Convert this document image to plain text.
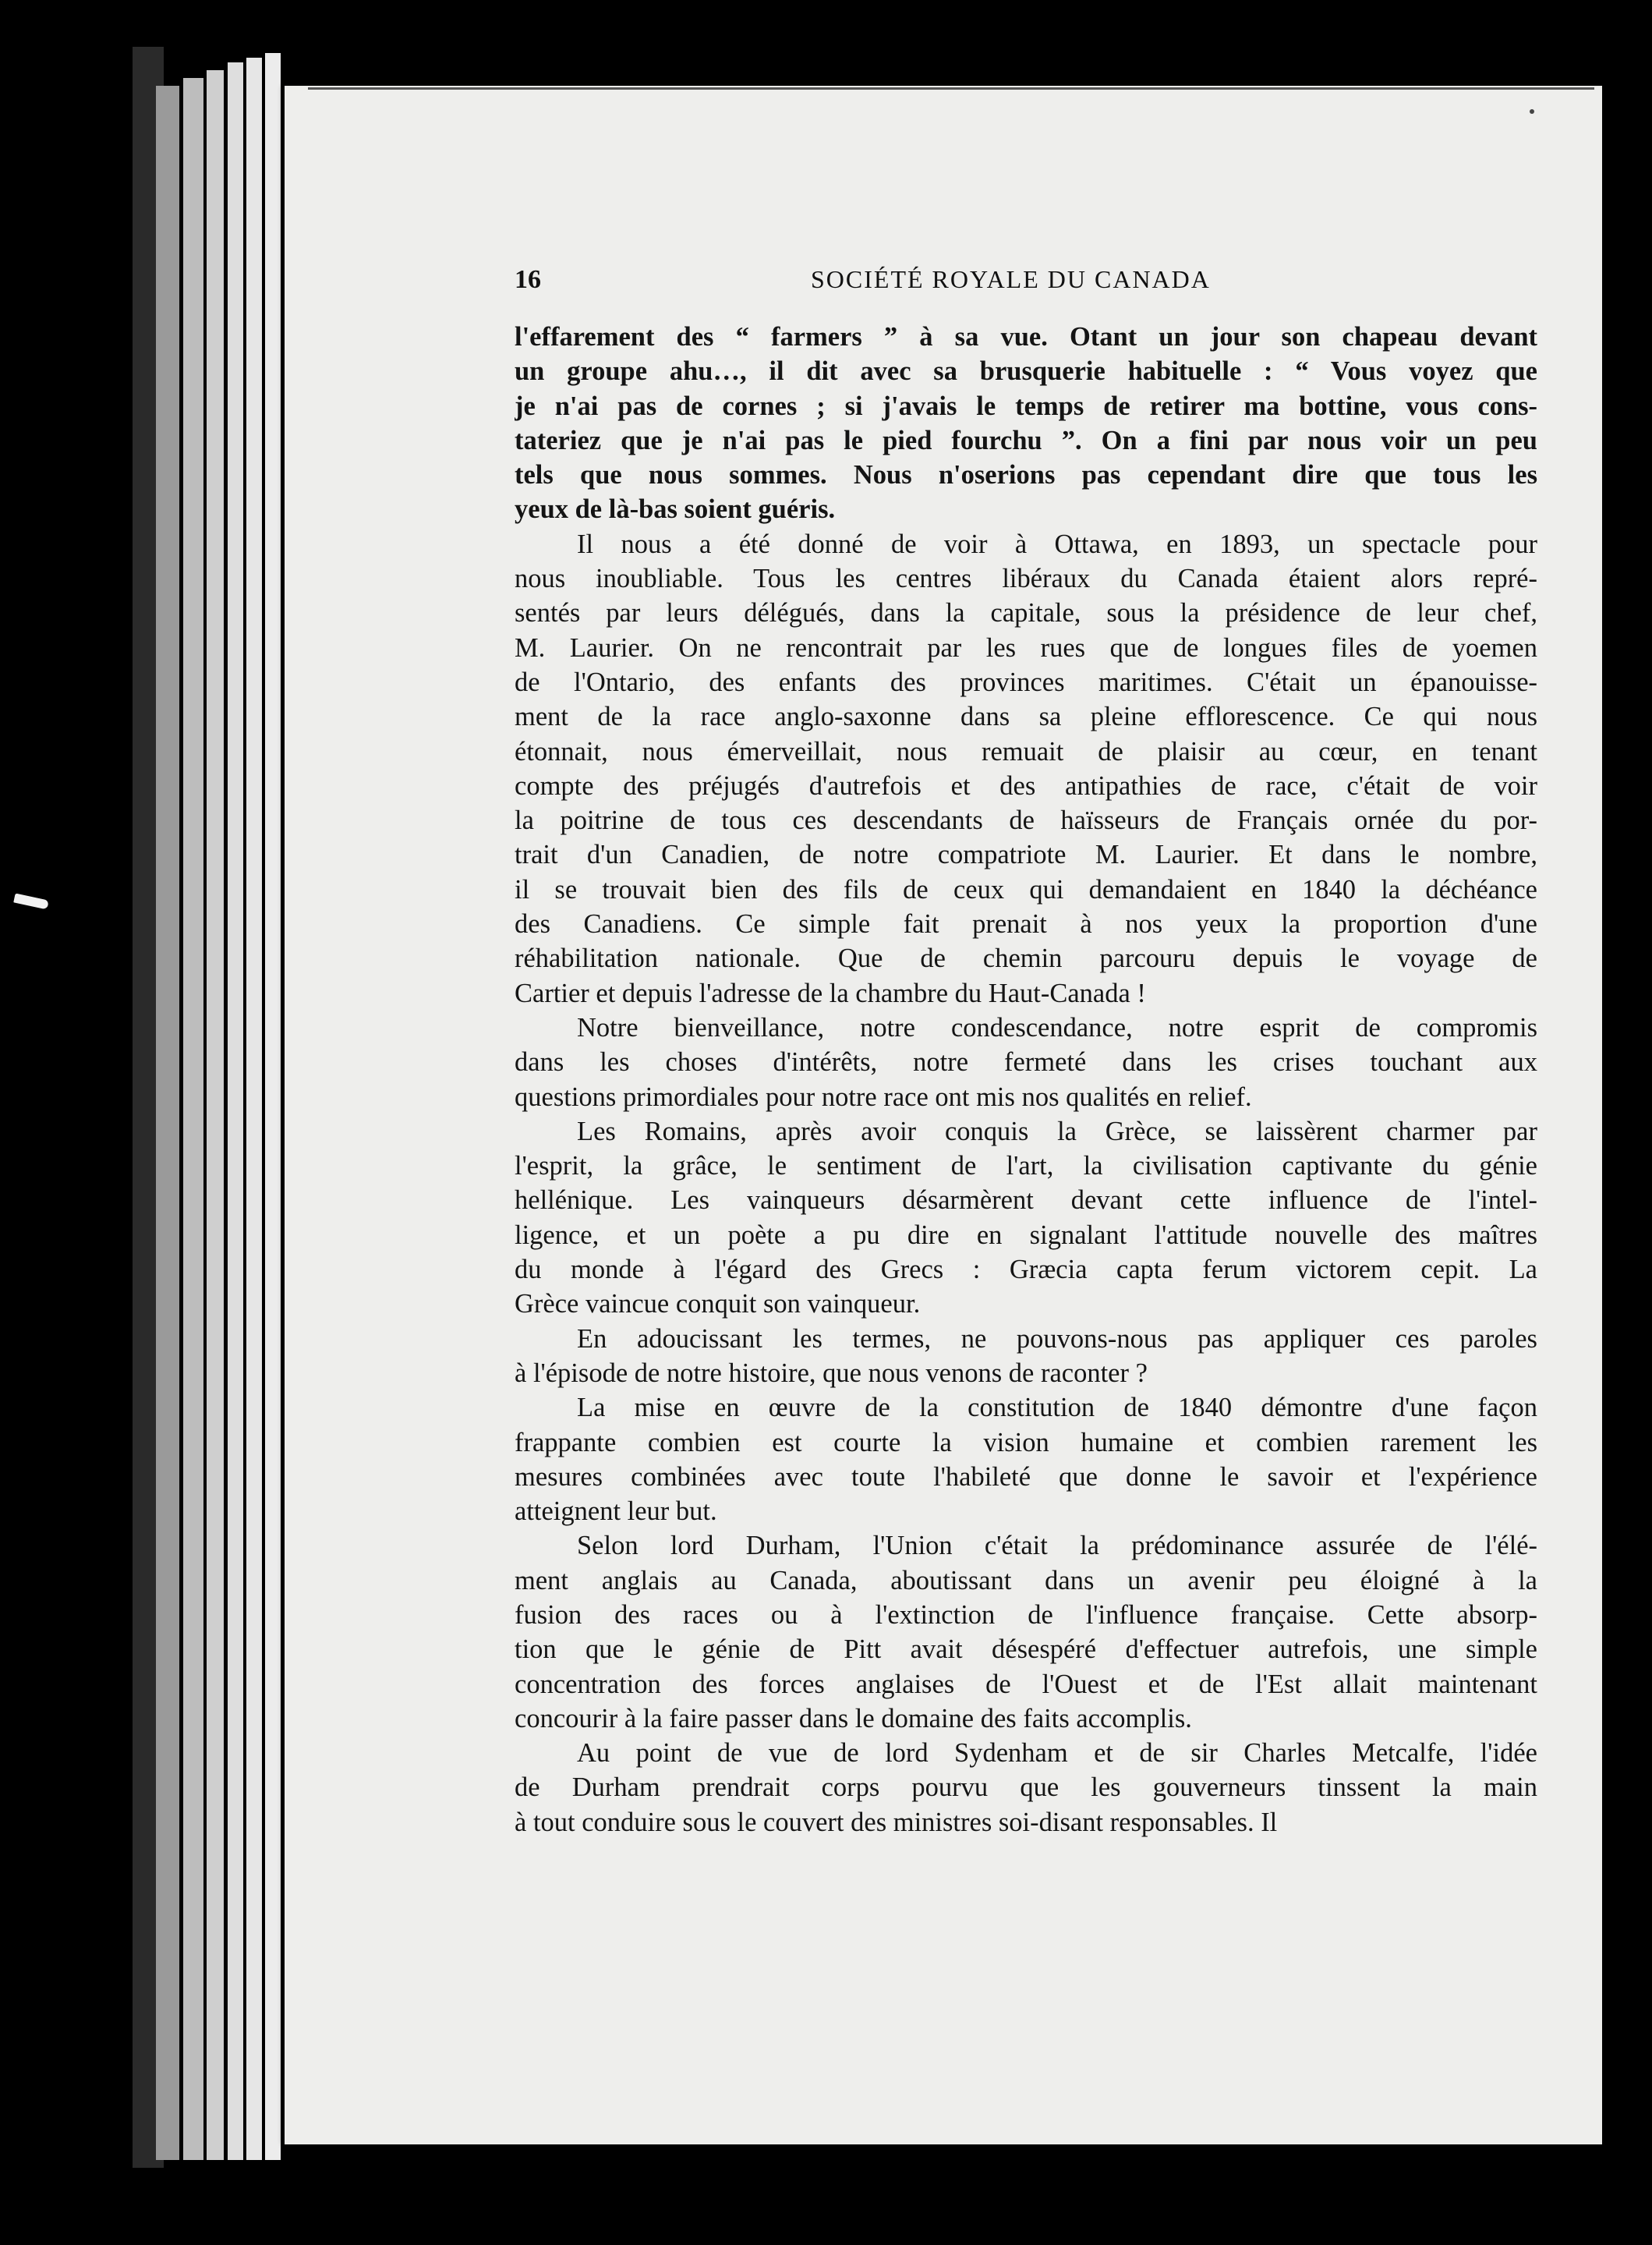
16	SOCIÉTÉ ROYALE DU CANADA
l'effarement des “ farmers ” à sa vue. Otant un jour son chapeau devant
un groupe ahu…, il dit avec sa brusquerie habituelle : “ Vous voyez que
je n'ai pas de cornes ; si j'avais le temps de retirer ma bottine, vous cons-
tateriez que je n'ai pas le pied fourchu ”. On a fini par nous voir un peu
tels que nous sommes. Nous n'oserions pas cependant dire que tous les
yeux de là-bas soient guéris.
Il nous a été donné de voir à Ottawa, en 1893, un spectacle pour
nous inoubliable. Tous les centres libéraux du Canada étaient alors repré-
sentés par leurs délégués, dans la capitale, sous la présidence de leur chef,
M. Laurier. On ne rencontrait par les rues que de longues files de yoemen
de l'Ontario, des enfants des provinces maritimes. C'était un épanouisse-
ment de la race anglo-saxonne dans sa pleine efflorescence. Ce qui nous
étonnait, nous émerveillait, nous remuait de plaisir au cœur, en tenant
compte des préjugés d'autrefois et des antipathies de race, c'était de voir
la poitrine de tous ces descendants de haïsseurs de Français ornée du por-
trait d'un Canadien, de notre compatriote M. Laurier. Et dans le nombre,
il se trouvait bien des fils de ceux qui demandaient en 1840 la déchéance
des Canadiens. Ce simple fait prenait à nos yeux la proportion d'une
réhabilitation nationale. Que de chemin parcouru depuis le voyage de
Cartier et depuis l'adresse de la chambre du Haut-Canada !
Notre bienveillance, notre condescendance, notre esprit de compromis
dans les choses d'intérêts, notre fermeté dans les crises touchant aux
questions primordiales pour notre race ont mis nos qualités en relief.
Les Romains, après avoir conquis la Grèce, se laissèrent charmer par
l'esprit, la grâce, le sentiment de l'art, la civilisation captivante du génie
hellénique. Les vainqueurs désarmèrent devant cette influence de l'intel-
ligence, et un poète a pu dire en signalant l'attitude nouvelle des maîtres
du monde à l'égard des Grecs : Græcia capta ferum victorem cepit. La
Grèce vaincue conquit son vainqueur.
En adoucissant les termes, ne pouvons-nous pas appliquer ces paroles
à l'épisode de notre histoire, que nous venons de raconter ?
La mise en œuvre de la constitution de 1840 démontre d'une façon
frappante combien est courte la vision humaine et combien rarement les
mesures combinées avec toute l'habileté que donne le savoir et l'expérience
atteignent leur but.
Selon lord Durham, l'Union c'était la prédominance assurée de l'élé-
ment anglais au Canada, aboutissant dans un avenir peu éloigné à la
fusion des races ou à l'extinction de l'influence française. Cette absorp-
tion que le génie de Pitt avait désespéré d'effectuer autrefois, une simple
concentration des forces anglaises de l'Ouest et de l'Est allait maintenant
concourir à la faire passer dans le domaine des faits accomplis.
Au point de vue de lord Sydenham et de sir Charles Metcalfe, l'idée
de Durham prendrait corps pourvu que les gouverneurs tinssent la main
à tout conduire sous le couvert des ministres soi-disant responsables. Il
